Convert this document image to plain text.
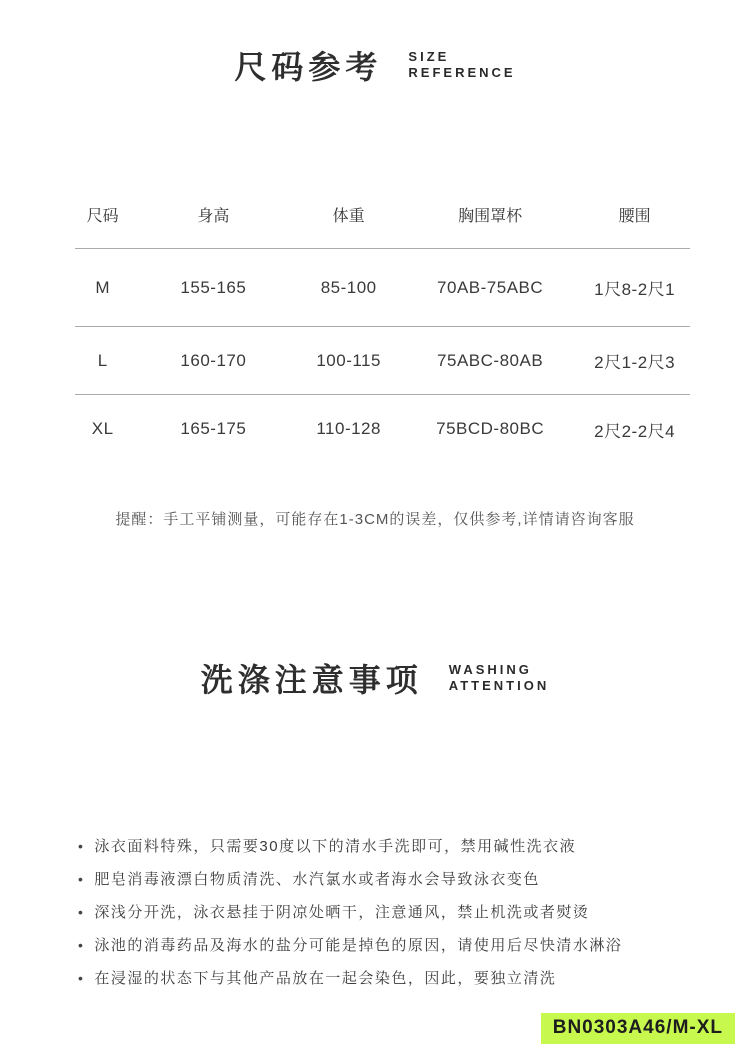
尺码参考 SIZE
REFERENCE
尺码	身高	体重	胸围罩杯	腰围
M	155-165	85-100	70AB-75ABC	1尺8-2尺1
L	160-170	100-115	75ABC-80AB	2尺1-2尺3
XL	165-175	110-128	75BCD-80BC	2尺2-2尺4
提醒：手工平铺测量，可能存在1-3CM的误差，仅供参考,详情请咨询客服
洗涤注意事项 WASHING
ATTENTION
•
泳衣面料特殊，只需要30度以下的清水手洗即可，禁用碱性洗衣液
•
肥皂消毒液漂白物质清洗、水汽氯水或者海水会导致泳衣变色
•
深浅分开洗，泳衣悬挂于阴凉处晒干，注意通风，禁止机洗或者熨烫
•
泳池的消毒药品及海水的盐分可能是掉色的原因，请使用后尽快清水淋浴
•
在浸湿的状态下与其他产品放在一起会染色，因此，要独立清洗
BN0303A46/M-XL
